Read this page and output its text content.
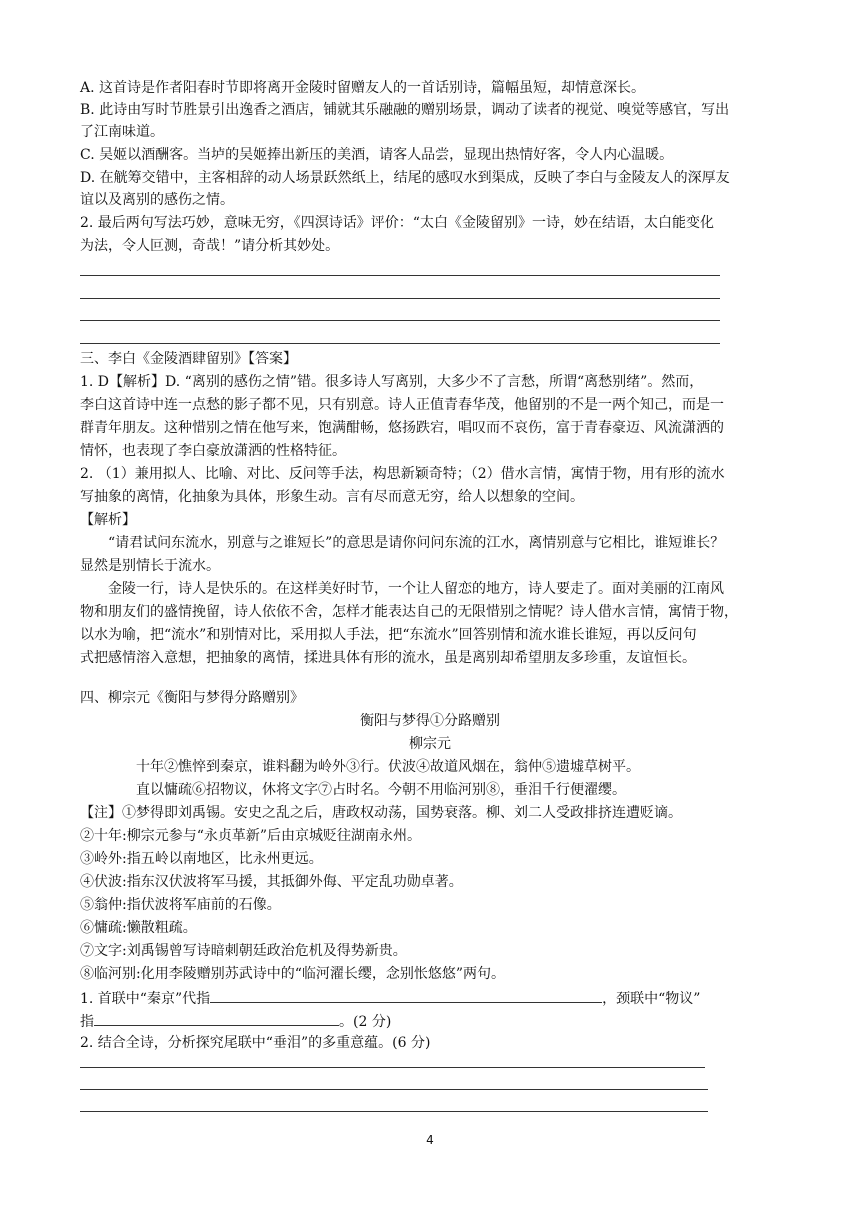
A. 这首诗是作者阳春时节即将离开金陵时留赠友人的一首话别诗，篇幅虽短，却情意深长。
B. 此诗由写时节胜景引出逸香之酒店，铺就其乐融融的赠别场景，调动了读者的视觉、嗅觉等感官，写出
了江南味道。
C. 吴姬以酒酬客。当垆的吴姬捧出新压的美酒，请客人品尝，显现出热情好客，令人内心温暖。
D. 在觥筹交错中，主客相辞的动人场景跃然纸上，结尾的感叹水到渠成，反映了李白与金陵友人的深厚友
谊以及离别的感伤之情。
2. 最后两句写法巧妙，意味无穷，《四溟诗话》评价：“太白《金陵留别》一诗，妙在结语，太白能变化
为法，令人叵测，奇哉！”请分析其妙处。
三、李白《金陵酒肆留别》【答案】
1. D【解析】D. “离别的感伤之情”错。很多诗人写离别，大多少不了言愁，所谓“离愁别绪”。然而，
李白这首诗中连一点愁的影子都不见，只有别意。诗人正值青春华茂，他留别的不是一两个知己，而是一
群青年朋友。这种惜别之情在他写来，饱满酣畅，悠扬跌宕，唱叹而不哀伤，富于青春豪迈、风流潇洒的
情怀，也表现了李白豪放潇洒的性格特征。
2. （1）兼用拟人、比喻、对比、反问等手法，构思新颖奇特；（2）借水言情，寓情于物，用有形的流水
写抽象的离情，化抽象为具体，形象生动。言有尽而意无穷，给人以想象的空间。
【解析】
“请君试问东流水，别意与之谁短长”的意思是请你问问东流的江水，离情别意与它相比，谁短谁长？
显然是别情长于流水。
金陵一行，诗人是快乐的。在这样美好时节，一个让人留恋的地方，诗人要走了。面对美丽的江南风
物和朋友们的盛情挽留，诗人依依不舍，怎样才能表达自己的无限惜别之情呢？诗人借水言情，寓情于物，
以水为喻，把“流水”和别情对比，采用拟人手法，把“东流水”回答别情和流水谁长谁短，再以反问句
式把感情溶入意想，把抽象的离情，揉进具体有形的流水，虽是离别却希望朋友多珍重，友谊恒长。
四、柳宗元《衡阳与梦得分路赠别》
衡阳与梦得①分路赠别
柳宗元
十年②憔悴到秦京，谁料翻为岭外③行。伏波④故道风烟在，翁仲⑤遗墟草树平。
直以慵疏⑥招物议，休将文字⑦占时名。今朝不用临河别⑧，垂泪千行便濯缨。
【注】①梦得即刘禹锡。安史之乱之后，唐政权动荡，国势衰落。柳、刘二人受政排挤连遭贬谪。
②十年:柳宗元参与“永贞革新”后由京城贬往湖南永州。
③岭外:指五岭以南地区，比永州更远。
④伏波:指东汉伏波将军马援，其抵御外侮、平定乱功勋卓著。
⑤翁仲:指伏波将军庙前的石像。
⑥慵疏:懒散粗疏。
⑦文字:刘禹锡曾写诗暗刺朝廷政治危机及得势新贵。
⑧临河别:化用李陵赠别苏武诗中的“临河濯长缨，念别怅悠悠”两句。
1. 首联中“秦京”代指	，颈联中“物议”
指	。(2 分)
2. 结合全诗，分析探究尾联中“垂泪”的多重意蕴。(6 分)
4
